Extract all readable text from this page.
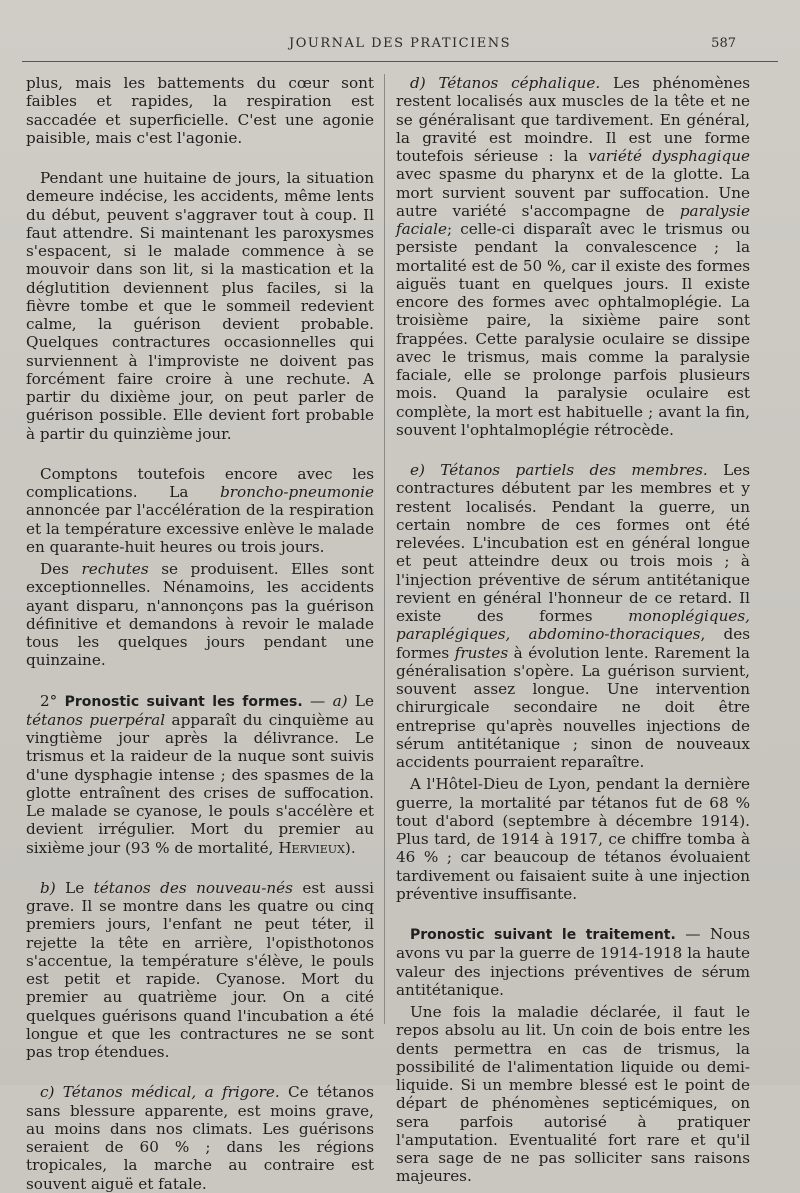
JOURNAL DES PRATICIENS	587

plus, mais les battements du cœur sont faibles et rapides, la respiration est saccadée et superficielle. C'est une agonie paisible, mais c'est l'agonie.

Pendant une huitaine de jours, la situation demeure indécise, les accidents, même lents du début, peuvent s'aggraver tout à coup. Il faut attendre. Si maintenant les paroxysmes s'espacent, si le malade commence à se mouvoir dans son lit, si la mastication et la déglutition deviennent plus faciles, si la fièvre tombe et que le sommeil redevient calme, la guérison devient probable. Quelques contractures occasionnelles qui surviennent à l'improviste ne doivent pas forcément faire croire à une rechute. A partir du dixième jour, on peut parler de guérison possible. Elle devient fort probable à partir du quinzième jour.

Comptons toutefois encore avec les complications. La broncho-pneumonie annoncée par l'accélération de la respiration et la température excessive enlève le malade en quarante-huit heures ou trois jours.

Des rechutes se produisent. Elles sont exceptionnelles. Nénamoins, les accidents ayant disparu, n'annonçons pas la guérison définitive et demandons à revoir le malade tous les quelques jours pendant une quinzaine.

2° Pronostic suivant les formes. — a) Le tétanos puerpéral apparaît du cinquième au vingtième jour après la délivrance. Le trismus et la raideur de la nuque sont suivis d'une dysphagie intense ; des spasmes de la glotte entraînent des crises de suffocation. Le malade se cyanose, le pouls s'accélère et devient irrégulier. Mort du premier au sixième jour (93 % de mortalité, Hervieux).

b) Le tétanos des nouveau-nés est aussi grave. Il se montre dans les quatre ou cinq premiers jours, l'enfant ne peut téter, il rejette la tête en arrière, l'opisthotonos s'accentue, la température s'élève, le pouls est petit et rapide. Cyanose. Mort du premier au quatrième jour. On a cité quelques guérisons quand l'incubation a été longue et que les contractures ne se sont pas trop étendues.

c) Tétanos médical, a frigore. Ce tétanos sans blessure apparente, est moins grave, au moins dans nos climats. Les guérisons seraient de 60 % ; dans les régions tropicales, la marche au contraire est souvent aiguë et fatale.

d) Tétanos céphalique. Les phénomènes restent localisés aux muscles de la tête et ne se généralisant que tardivement. En général, la gravité est moindre. Il est une forme toutefois sérieuse : la variété dysphagique avec spasme du pharynx et de la glotte. La mort survient souvent par suffocation. Une autre variété s'accompagne de paralysie faciale; celle-ci disparaît avec le trismus ou persiste pendant la convalescence ; la mortalité est de 50 %, car il existe des formes aiguës tuant en quelques jours. Il existe encore des formes avec ophtalmoplégie. La troisième paire, la sixième paire sont frappées. Cette paralysie oculaire se dissipe avec le trismus, mais comme la paralysie faciale, elle se prolonge parfois plusieurs mois. Quand la paralysie oculaire est complète, la mort est habituelle ; avant la fin, souvent l'ophtalmoplégie rétrocède.

e) Tétanos partiels des membres. Les contractures débutent par les membres et y restent localisés. Pendant la guerre, un certain nombre de ces formes ont été relevées. L'incubation est en général longue et peut atteindre deux ou trois mois ; à l'injection préventive de sérum antitétanique revient en général l'honneur de ce retard. Il existe des formes monoplégiques, paraplégiques, abdomino-thoraciques, des formes frustes à évolution lente. Rarement la généralisation s'opère. La guérison survient, souvent assez longue. Une intervention chirurgicale secondaire ne doit être entreprise qu'après nouvelles injections de sérum antitétanique ; sinon de nouveaux accidents pourraient reparaître.

A l'Hôtel-Dieu de Lyon, pendant la dernière guerre, la mortalité par tétanos fut de 68 % tout d'abord (septembre à décembre 1914). Plus tard, de 1914 à 1917, ce chiffre tomba à 46 % ; car beaucoup de tétanos évoluaient tardivement ou faisaient suite à une injection préventive insuffisante.

Pronostic suivant le traitement. — Nous avons vu par la guerre de 1914-1918 la haute valeur des injections préventives de sérum antitétanique.

Une fois la maladie déclarée, il faut le repos absolu au lit. Un coin de bois entre les dents permettra en cas de trismus, la possibilité de l'alimentation liquide ou demi-liquide. Si un membre blessé est le point de départ de phénomènes septicémiques, on sera parfois autorisé à pratiquer l'amputation. Eventualité fort rare et qu'il sera sage de ne pas solliciter sans raisons majeures.
